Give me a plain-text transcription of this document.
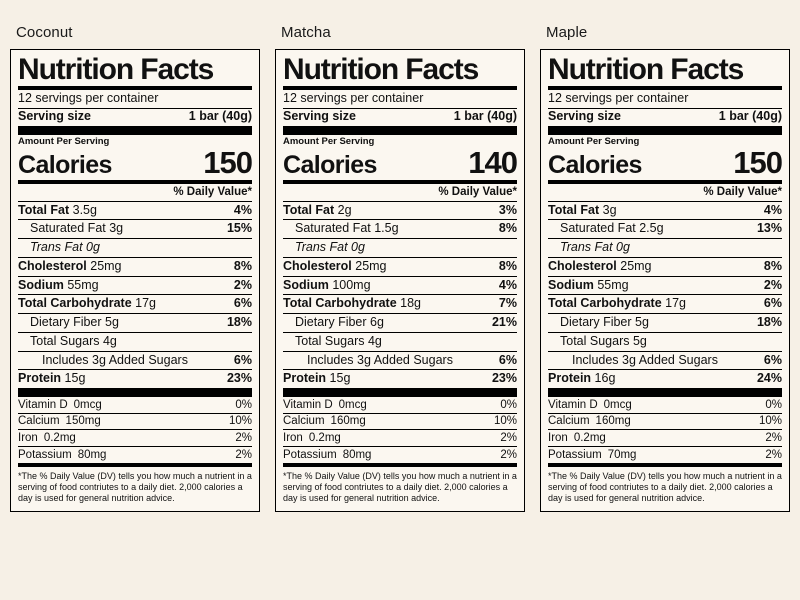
Coconut
Nutrition Facts
12 servings per container
Serving size	1 bar (40g)
Amount Per Serving
Calories	150
% Daily Value*
Total Fat 3.5g	4%
Saturated Fat 3g	15%
Trans Fat 0g
Cholesterol 25mg	8%
Sodium 55mg	2%
Total Carbohydrate 17g	6%
Dietary Fiber 5g	18%
Total Sugars 4g
Includes 3g Added Sugars	6%
Protein 15g	23%
Vitamin D 0mcg	0%
Calcium 150mg	10%
Iron 0.2mg	2%
Potassium 80mg	2%
*The % Daily Value (DV) tells you how much a nutrient in a serving of food contriutes to a daily diet. 2,000 calories a day is used for general nutrition advice.
Matcha
Nutrition Facts
12 servings per container
Serving size	1 bar (40g)
Amount Per Serving
Calories	140
% Daily Value*
Total Fat 2g	3%
Saturated Fat 1.5g	8%
Trans Fat 0g
Cholesterol 25mg	8%
Sodium 100mg	4%
Total Carbohydrate 18g	7%
Dietary Fiber 6g	21%
Total Sugars 4g
Includes 3g Added Sugars	6%
Protein 15g	23%
Vitamin D 0mcg	0%
Calcium 160mg	10%
Iron 0.2mg	2%
Potassium 80mg	2%
*The % Daily Value (DV) tells you how much a nutrient in a serving of food contriutes to a daily diet. 2,000 calories a day is used for general nutrition advice.
Maple
Nutrition Facts
12 servings per container
Serving size	1 bar (40g)
Amount Per Serving
Calories	150
% Daily Value*
Total Fat 3g	4%
Saturated Fat 2.5g	13%
Trans Fat 0g
Cholesterol 25mg	8%
Sodium 55mg	2%
Total Carbohydrate 17g	6%
Dietary Fiber 5g	18%
Total Sugars 5g
Includes 3g Added Sugars	6%
Protein 16g	24%
Vitamin D 0mcg	0%
Calcium 160mg	10%
Iron 0.2mg	2%
Potassium 70mg	2%
*The % Daily Value (DV) tells you how much a nutrient in a serving of food contriutes to a daily diet. 2,000 calories a day is used for general nutrition advice.
